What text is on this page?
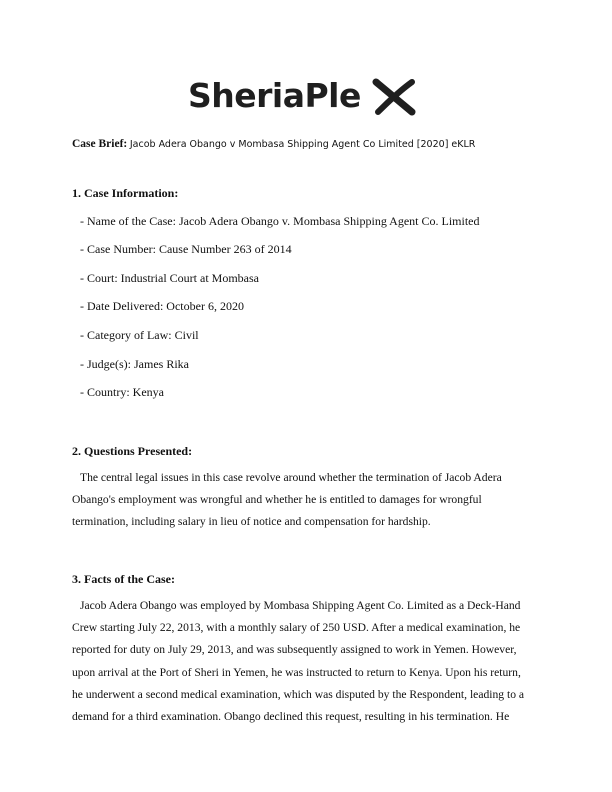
SheriaPle
Case Brief: Jacob Adera Obango v Mombasa Shipping Agent Co Limited [2020] eKLR
1. Case Information:
- Name of the Case: Jacob Adera Obango v. Mombasa Shipping Agent Co. Limited
- Case Number: Cause Number 263 of 2014
- Court: Industrial Court at Mombasa
- Date Delivered: October 6, 2020
- Category of Law: Civil
- Judge(s): James Rika
- Country: Kenya
2. Questions Presented:
The central legal issues in this case revolve around whether the termination of Jacob Adera
Obango's employment was wrongful and whether he is entitled to damages for wrongful
termination, including salary in lieu of notice and compensation for hardship.
3. Facts of the Case:
Jacob Adera Obango was employed by Mombasa Shipping Agent Co. Limited as a Deck-Hand
Crew starting July 22, 2013, with a monthly salary of 250 USD. After a medical examination, he
reported for duty on July 29, 2013, and was subsequently assigned to work in Yemen. However,
upon arrival at the Port of Sheri in Yemen, he was instructed to return to Kenya. Upon his return,
he underwent a second medical examination, which was disputed by the Respondent, leading to a
demand for a third examination. Obango declined this request, resulting in his termination. He
